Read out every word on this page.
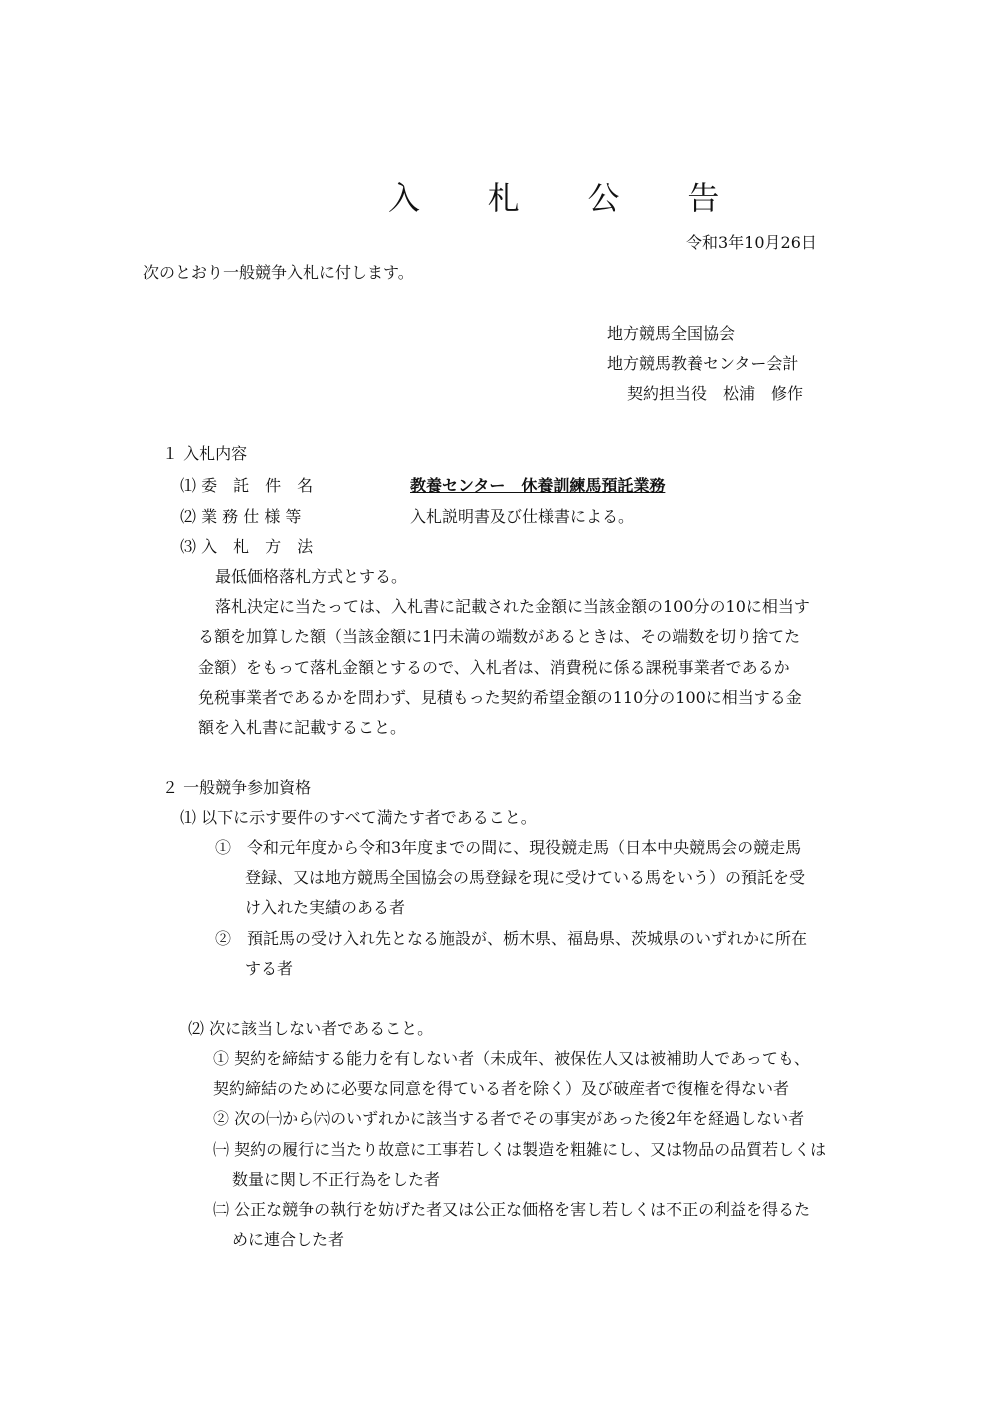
入 札 公 告
令和3年10月26日
次のとおり一般競争入札に付します。
地方競馬全国協会
地方競馬教養センター会計
契約担当役　松浦　修作
１ 入札内容
⑴ 委　託　件　名	教養センター　休養訓練馬預託業務
⑵ 業 務 仕 様 等	入札説明書及び仕様書による。
⑶ 入　札　方　法
最低価格落札方式とする。
落札決定に当たっては、入札書に記載された金額に当該金額の100分の10に相当す
る額を加算した額（当該金額に1円未満の端数があるときは、その端数を切り捨てた
金額）をもって落札金額とするので、入札者は、消費税に係る課税事業者であるか
免税事業者であるかを問わず、見積もった契約希望金額の110分の100に相当する金
額を入札書に記載すること。
２ 一般競争参加資格
⑴ 以下に示す要件のすべて満たす者であること。
①　令和元年度から令和3年度までの間に、現役競走馬（日本中央競馬会の競走馬
登録、又は地方競馬全国協会の馬登録を現に受けている馬をいう）の預託を受
け入れた実績のある者
②　預託馬の受け入れ先となる施設が、栃木県、福島県、茨城県のいずれかに所在
する者
⑵ 次に該当しない者であること。
① 契約を締結する能力を有しない者（未成年、被保佐人又は被補助人であっても、
契約締結のために必要な同意を得ている者を除く）及び破産者で復権を得ない者
② 次の㈠から㈥のいずれかに該当する者でその事実があった後2年を経過しない者
㈠ 契約の履行に当たり故意に工事若しくは製造を粗雑にし、又は物品の品質若しくは
数量に関し不正行為をした者
㈡ 公正な競争の執行を妨げた者又は公正な価格を害し若しくは不正の利益を得るた
めに連合した者
